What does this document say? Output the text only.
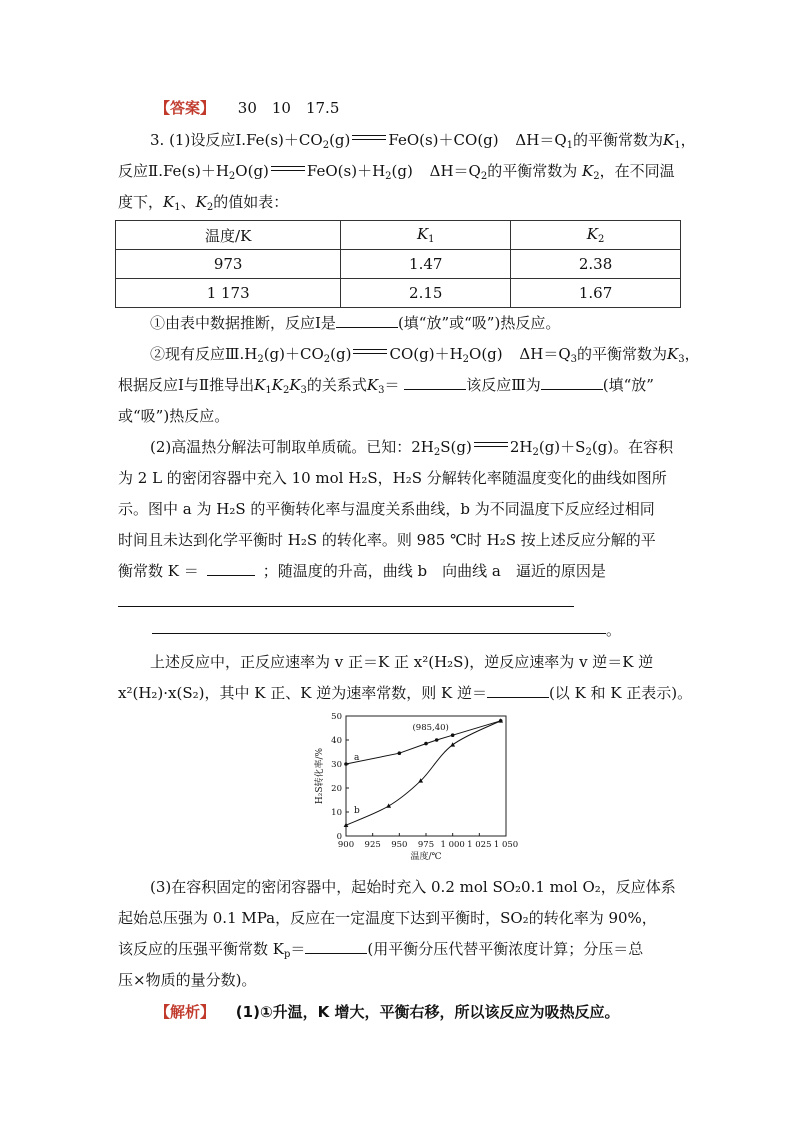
【答案】 30　10　17.5
3. (1)设反应$Ⅰ.Fe(s)+CO_2(g)$	FeO(s)＋CO(g) $\Delta H=Q_1$的平衡常数为$K_1$，
反应$Ⅱ.Fe(s)+H_2O(g)$	$FeO(s)+H_2(g)$ $\Delta H=Q_2$的平衡常数为 $K_2$，在不同温
度下，$K_1$、$K_2$的值如表：
温度/K	$K_1$	$K_2$
973	1.47	2.38
1 173	2.15	1.67
①由表中数据推断，反应Ⅰ是	(填“放”或“吸”)热反应。
②现有反应$Ⅲ.H_2(g)+CO_2(g)$	$CO(g)+H_2O(g)$ $\Delta H=Q_3$的平衡常数为$K_3$，
根据反应Ⅰ与Ⅱ推导出$K_1K_2K_3$的关系式$K_3=$	该反应Ⅲ为	(填“放”
或“吸”)热反应。
(2)高温热分解法可制取单质硫。已知：$2H_2S(g)$	$2H_2(g)+S_2(g)$。在容积
为 2 L 的密闭容器中充入 10 mol H₂S，H₂S 分解转化率随温度变化的曲线如图所
示。图中 a 为 H₂S 的平衡转化率与温度关系曲线，b 为不同温度下反应经过相同
时间且未达到化学平衡时 H₂S 的转化率。则 985 ℃时 H₂S 按上述反应分解的平
衡常数 K ＝	；随温度的升高，曲线 b　向曲线 a　逼近的原因是
。
上述反应中，正反应速率为 v 正＝K 正 x²(H₂S)，逆反应速率为 v 逆＝K 逆
x²(H₂)·x(S₂)，其中 K 正、K 逆为速率常数，则 K 逆＝	(以 K 和 K 正表示)。
900 925 950 975 1 000 1 025 1 050
0
10
20
30
40
50
温度/℃
H₂S转化率/%	a
b
(985,40)
(3)在容积固定的密闭容器中，起始时充入 0.2 mol SO₂0.1 mol O₂，反应体系
起始总压强为 0.1 MPa，反应在一定温度下达到平衡时，SO₂的转化率为 90%，
该反应的压强平衡常数 $K_p=$	(用平衡分压代替平衡浓度计算；分压＝总
压×物质的量分数)。
【解析】 (1)①升温，K 增大，平衡右移，所以该反应为吸热反应。
